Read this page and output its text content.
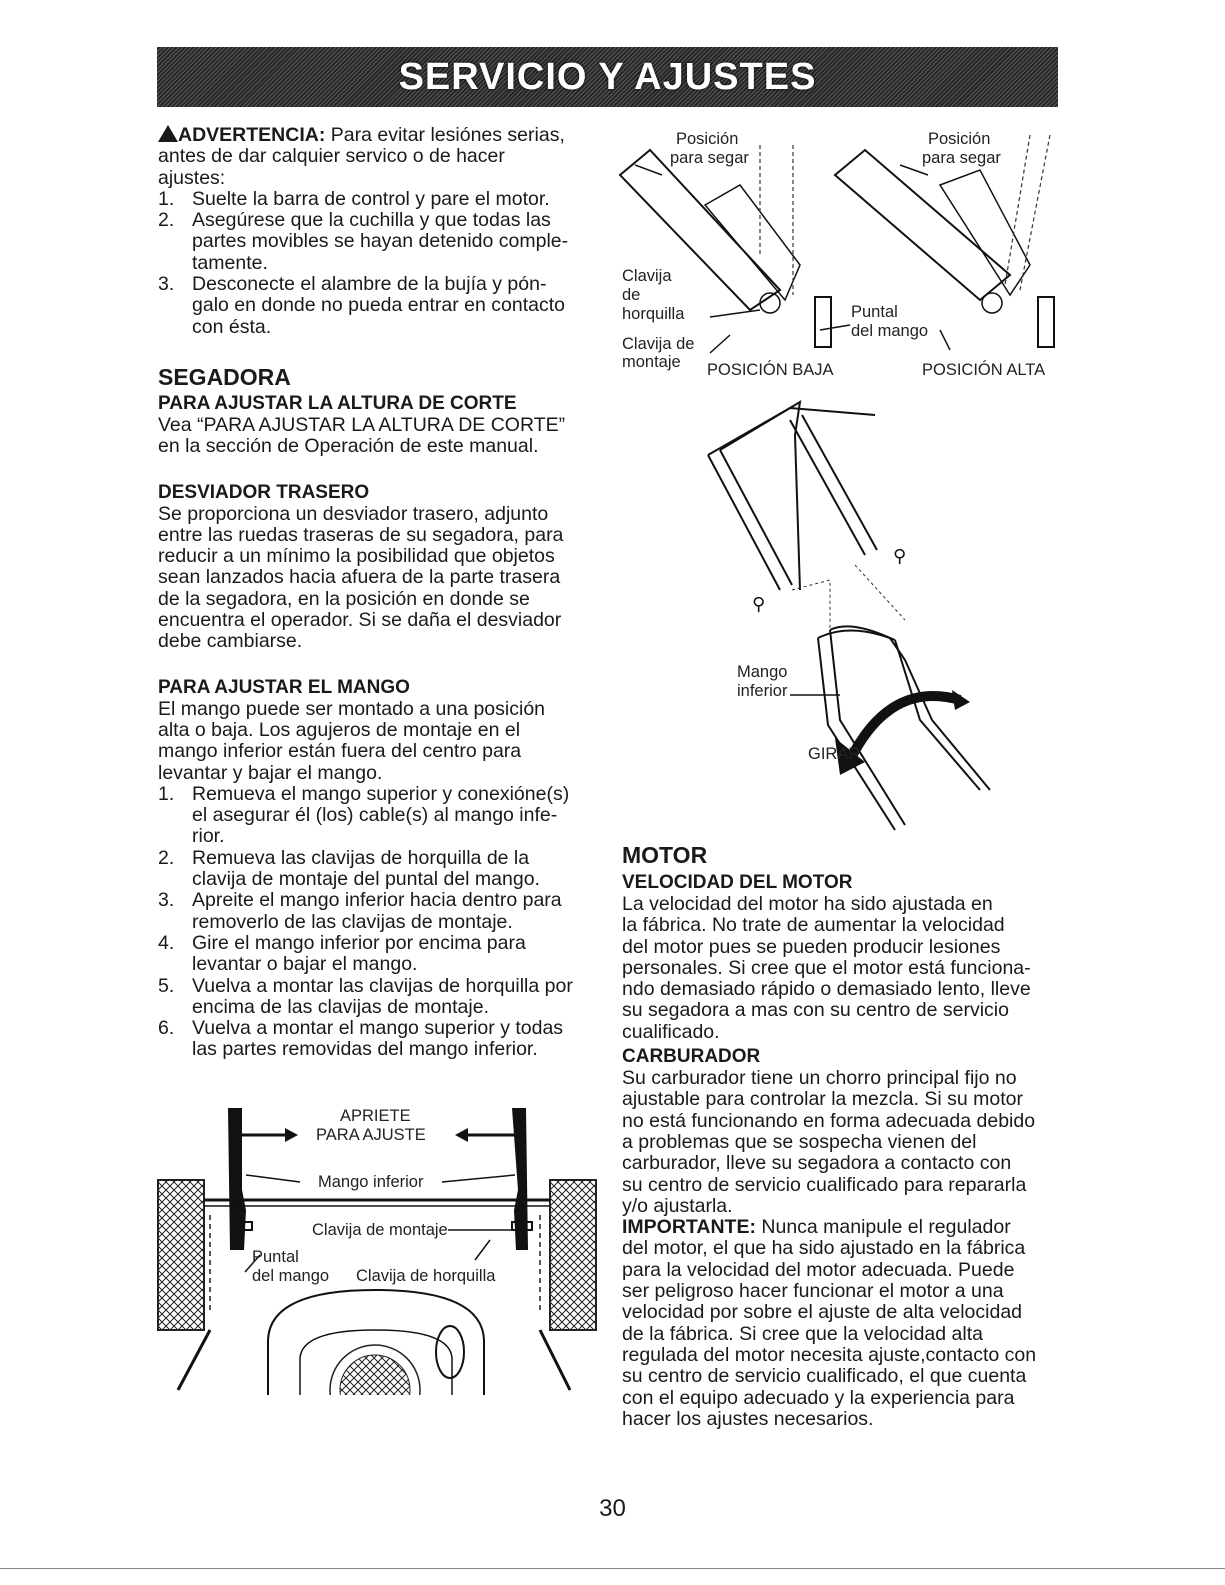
SERVICIO Y AJUSTES

ADVERTENCIA: Para evitar lesiónes serias,
antes de dar calquier servico o de hacer
ajustes:

1. Suelte la barra de control y pare el motor.
2. Asegúrese que la cuchilla y que todas las
partes movibles se hayan detenido comple-
tamente.
3. Desconecte el alambre de la bujía y pón-
galo en donde no pueda entrar en contacto
con ésta.
SEGADORA
PARA AJUSTAR LA ALTURA DE CORTE

Vea “PARA AJUSTAR LA ALTURA DE CORTE”
en la sección de Operación de este manual.

DESVIADOR TRASERO

Se proporciona un desviador trasero, adjunto
entre las ruedas traseras de su segadora, para
reducir a un mínimo la posibilidad que objetos
sean lanzados hacia afuera de la parte trasera
de la segadora, en la posición en donde se
encuentra el operador. Si se daña el desviador
debe cambiarse.

PARA AJUSTAR EL MANGO

El mango puede ser montado a una posición
alta o baja. Los agujeros de montaje en el
mango inferior están fuera del centro para
levantar y bajar el mango.

1. Remueva el mango superior y conexióne(s)
el asegurar él (los) cable(s) al mango infe-
rior.
2. Remueva las clavijas de horquilla de la
clavija de montaje del puntal del mango.
3. Apreite el mango inferior hacia dentro para
removerlo de las clavijas de montaje.
4. Gire el mango inferior por encima para
levantar o bajar el mango.
5. Vuelva a montar las clavijas de horquilla por
encima de las clavijas de montaje.
6. Vuelva a montar el mango superior y todas
las partes removidas del mango inferior.
APRIETE
PARA AJUSTE
Mango inferior
Clavija de montaje
Puntal
del mango Clavija de horquilla
Posición
para segar
Posición
para segar
Clavija
de
horquilla
Clavija de
montaje
Puntal
del mango
POSICIÓN BAJA	POSICIÓN ALTA
⚲
⚲
Mango
inferior
GIRAR
MOTOR
VELOCIDAD DEL MOTOR

La velocidad del motor ha sido ajustada en
la fábrica. No trate de aumentar la velocidad
del motor pues se pueden producir lesiones
personales. Si cree que el motor está funciona-
ndo demasiado rápido o demasiado lento, lleve
su segadora a mas con su centro de servicio
cualificado.

CARBURADOR

Su carburador tiene un chorro principal fijo no
ajustable para controlar la mezcla. Si su motor
no está funcionando en forma adecuada debido
a problemas que se sospecha vienen del
carburador, lleve su segadora a contacto con
su centro de servicio cualificado para repararla
y/o ajustarla.

IMPORTANTE: Nunca manipule el regulador
del motor, el que ha sido ajustado en la fábrica
para la velocidad del motor adecuada. Puede
ser peligroso hacer funcionar el motor a una
velocidad por sobre el ajuste de alta velocidad
de la fábrica. Si cree que la velocidad alta
regulada del motor necesita ajuste,contacto con
su centro de servicio cualificado, el que cuenta
con el equipo adecuado y la experiencia para
hacer los ajustes necesarios.

30
